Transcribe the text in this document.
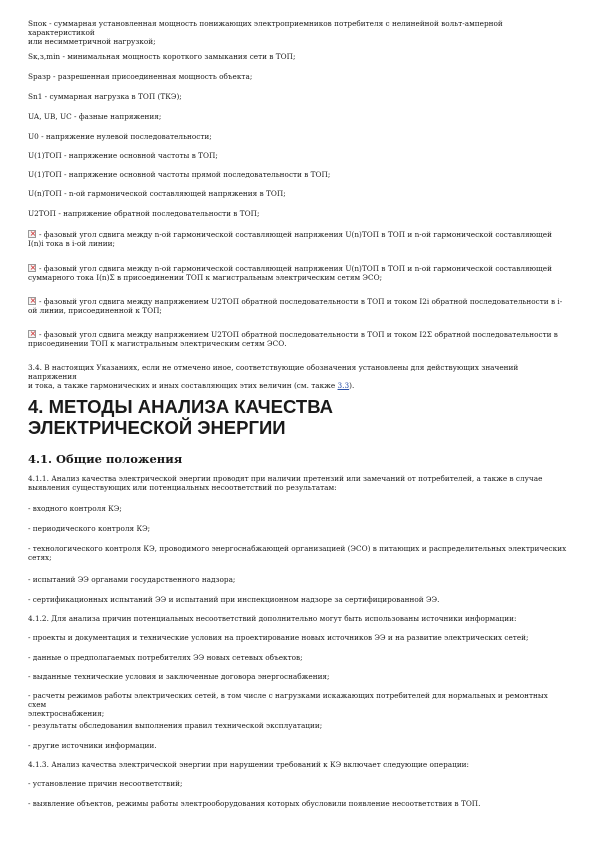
Sпок - суммарная установленная мощность понижающих электроприемников потребителя с нелинейной вольт-амперной характеристикой
или несимметричной нагрузкой;
Sк,з,min - минимальная мощность короткого замыкания сети в ТОП;
Sразр - разрешенная присоединенная мощность объекта;
Sn1 - суммарная нагрузка в ТОП (ТКЭ);
UA, UB, UC - фазные напряжения;
U0 - напряжение нулевой последовательности;
U(1)ТОП - напряжение основной частоты в ТОП;
U(1)ТОП - напряжение основной частоты прямой последовательности в ТОП;
U(n)ТОП - n-ой гармонической составляющей напряжения в ТОП;
U2ТОП - напряжение обратной последовательности в ТОП;
×- фазовый угол сдвига между n-ой гармонической составляющей напряжения U(n)ТОП в ТОП и n-ой гармонической составляющей
I(n)i тока в i-ой линии;
×- фазовый угол сдвига между n-ой гармонической составляющей напряжения U(n)ТОП в ТОП и n-ой гармонической составляющей
суммарного тока I(n)Σ в присоединении ТОП к магистральным электрическим сетям ЭСО;
×- фазовый угол сдвига между напряжением U2ТОП обратной последовательности в ТОП и током I2i обратной последовательности в i-
ой линии, присоединенной к ТОП;
×- фазовый угол сдвига между напряжением U2ТОП обратной последовательности в ТОП и током I2Σ обратной последовательности в
присоединении ТОП к магистральным электрическим сетям ЭСО.
3.4. В настоящих Указаниях, если не отмечено иное, соответствующие обозначения установлены для действующих значений напряжения
и тока, а также гармонических и иных составляющих этих величин (см. также 3.3).
4. МЕТОДЫ АНАЛИЗА КАЧЕСТВА
ЭЛЕКТРИЧЕСКОЙ ЭНЕРГИИ
4.1. Общие положения
4.1.1. Анализ качества электрической энергии проводят при наличии претензий или замечаний от потребителей, а также в случае
выявления существующих или потенциальных несоответствий по результатам:
- входного контроля КЭ;
- периодического контроля КЭ;
- технологического контроля КЭ, проводимого энергоснабжающей организацией (ЭСО) в питающих и распределительных электрических
сетях;
- испытаний ЭЭ органами государственного надзора;
- сертификационных испытаний ЭЭ и испытаний при инспекционном надзоре за сертифицированной ЭЭ.
4.1.2. Для анализа причин потенциальных несоответствий дополнительно могут быть использованы источники информации:
- проекты и документация и технические условия на проектирование новых источников ЭЭ и на развитие электрических сетей;
- данные о предполагаемых потребителях ЭЭ новых сетевых объектов;
- выданные технические условия и заключенные договора энергоснабжения;
- расчеты режимов работы электрических сетей, в том числе с нагрузками искажающих потребителей для нормальных и ремонтных схем
электроснабжения;
- результаты обследования выполнения правил технической эксплуатации;
- другие источники информации.
4.1.3. Анализ качества электрической энергии при нарушении требований к КЭ включает следующие операции:
- установление причин несоответствий;
- выявление объектов, режимы работы электрооборудования которых обусловили появление несоответствия в ТОП.
